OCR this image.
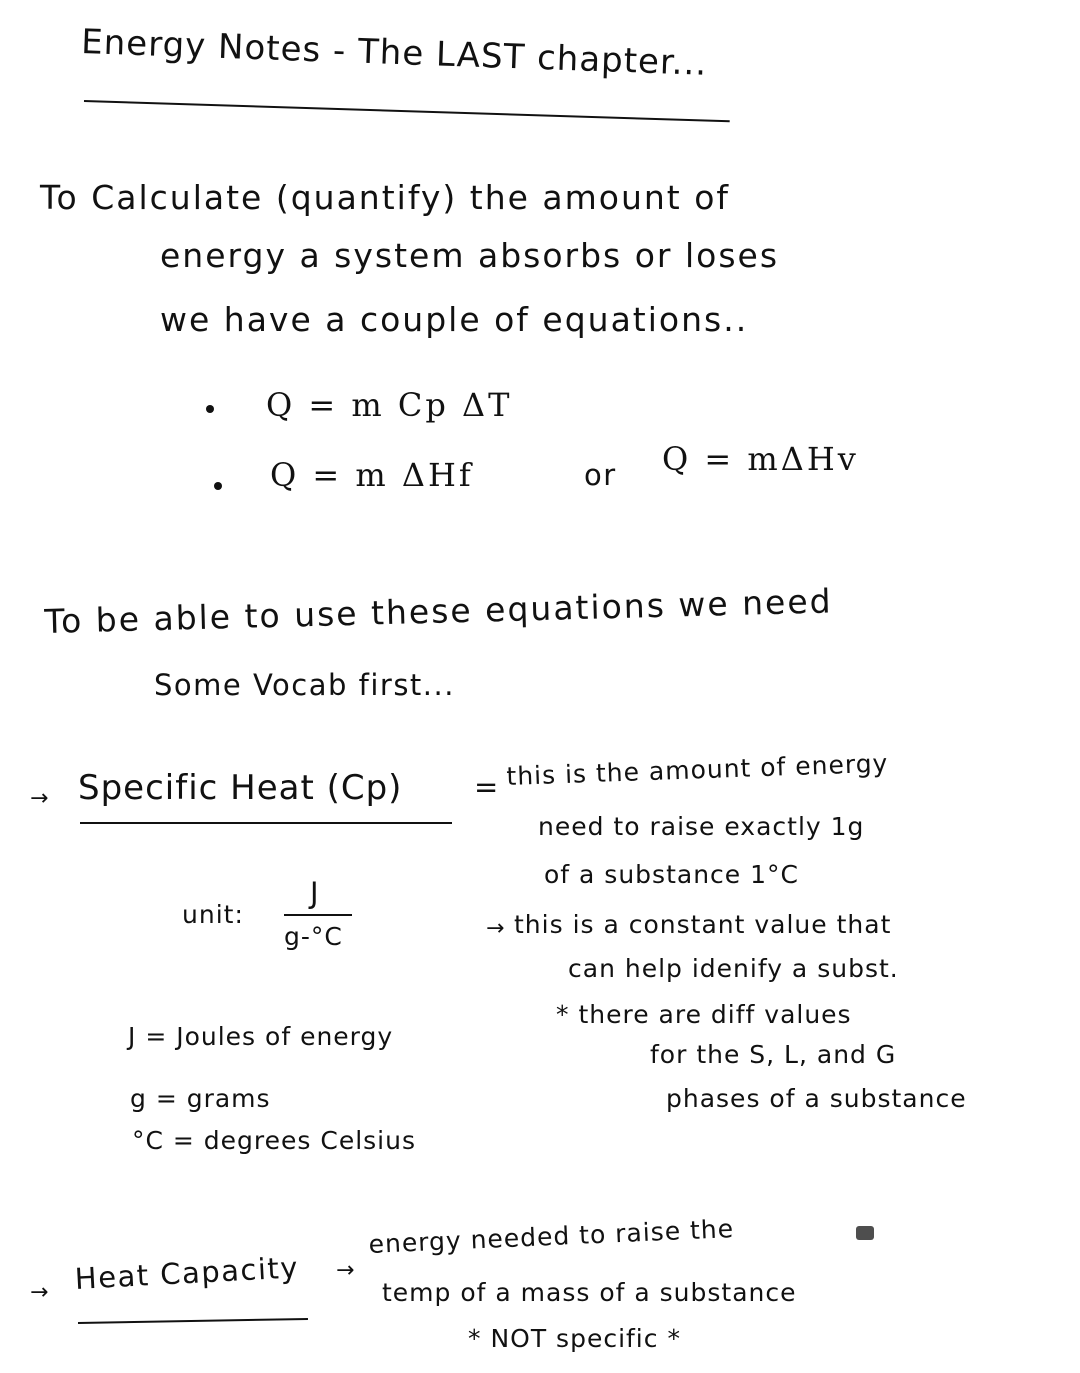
Energy Notes - The LAST chapter...
To Calculate (quantify) the amount of
energy a system absorbs or loses
we have a couple of equations..
Q = m Cp ΔT
Q = m ΔHf	or Q = mΔHv
To be able to use these equations we need
Some Vocab first...
→ Specific Heat (Cp) = this is the amount of energy
need to raise exactly 1g
of a substance 1°C
→ this is a constant value that
can help idenify a subst.
* there are diff values
for the S, L, and G
phases of a substance
unit:
J
g-°C
J = Joules of energy
g = grams
°C = degrees Celsius
→ Heat Capacity →
energy needed to raise the
temp of a mass of a substance
* NOT specific *
